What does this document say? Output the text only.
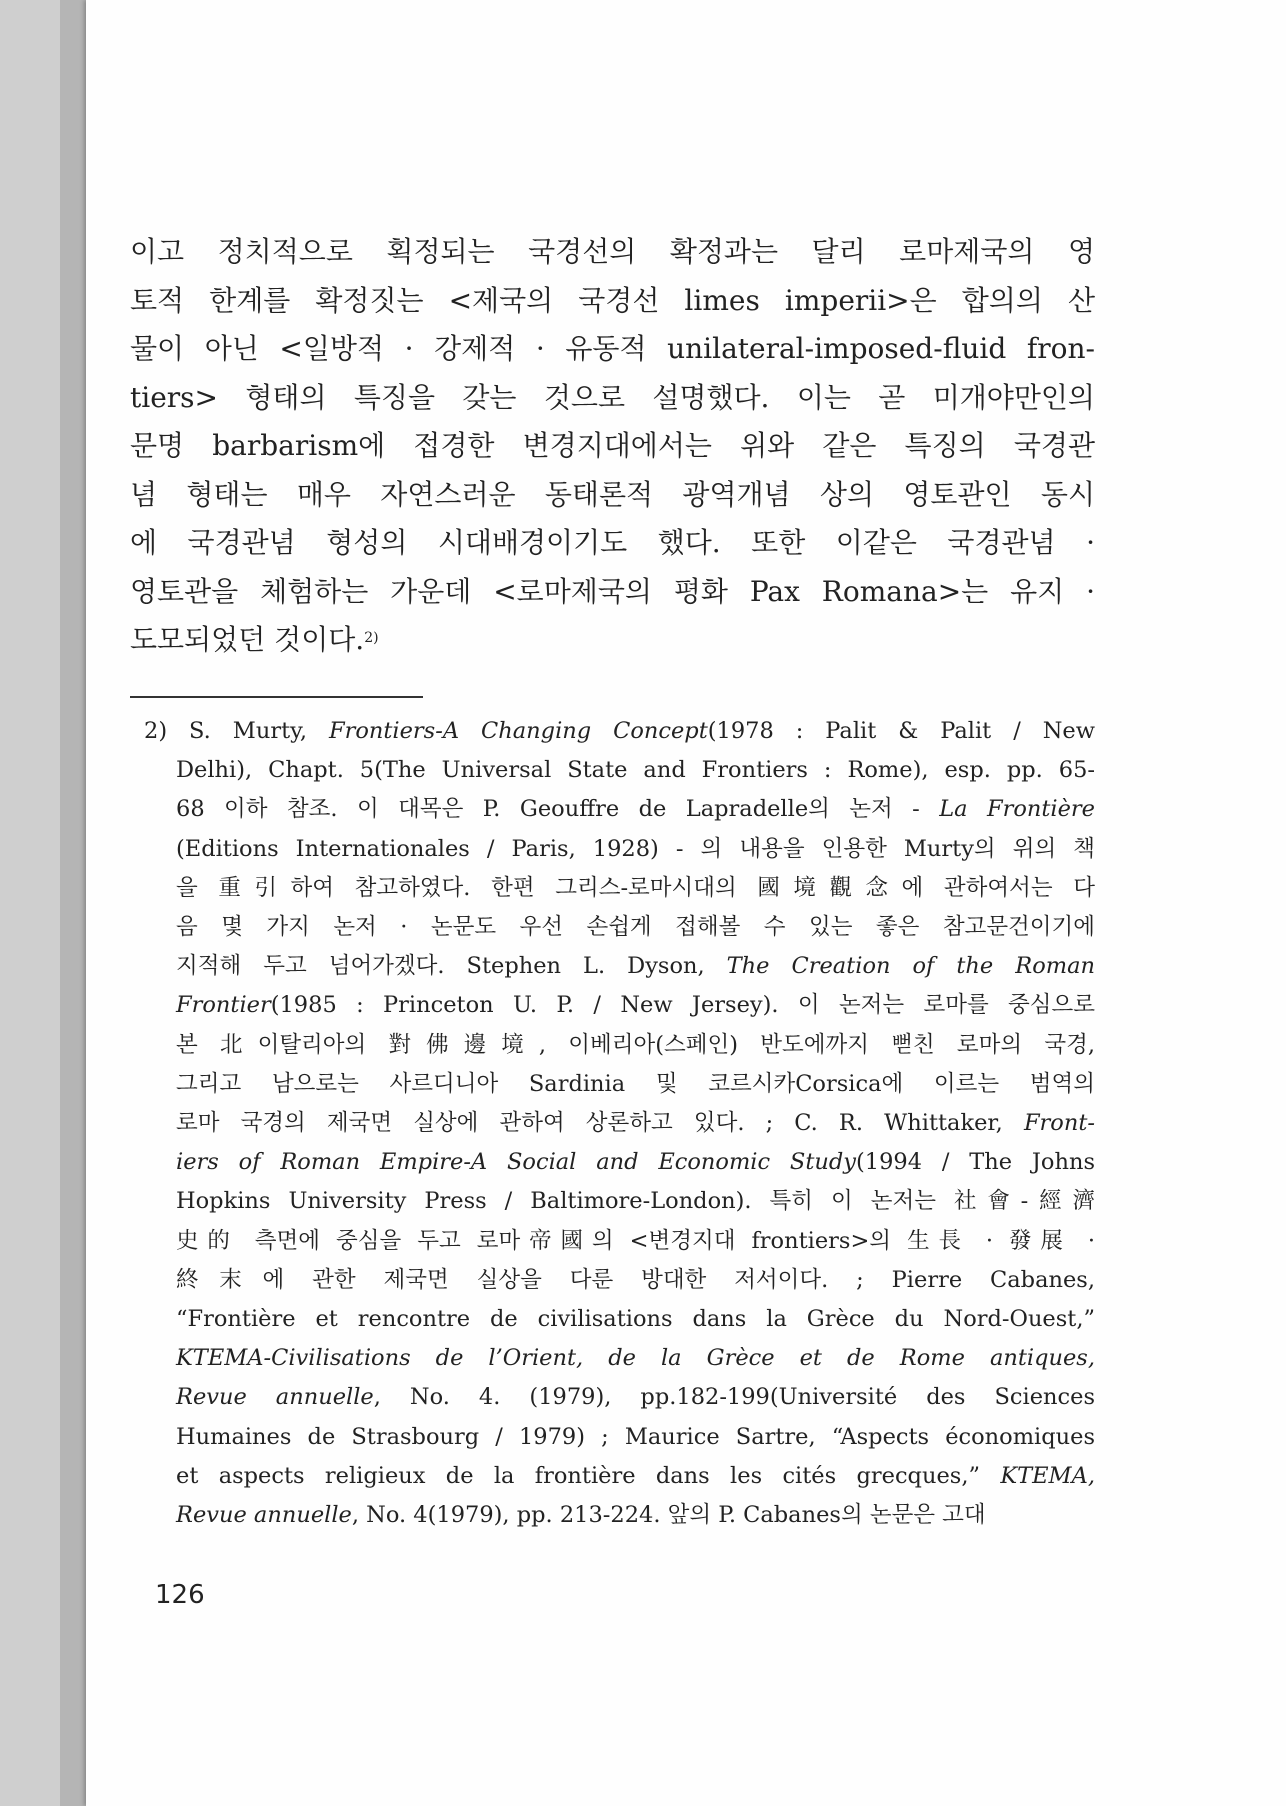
이고 정치적으로 획정되는 국경선의 확정과는 달리 로마제국의 영
토적 한계를 확정짓는 <제국의 국경선 limes imperii>은 합의의 산
물이 아닌 <일방적 · 강제적 · 유동적 unilateral-imposed-fluid fron-
tiers> 형태의 특징을 갖는 것으로 설명했다. 이는 곧 미개야만인의
문명 barbarism에 접경한 변경지대에서는 위와 같은 특징의 국경관
념 형태는 매우 자연스러운 동태론적 광역개념 상의 영토관인 동시
에 국경관념 형성의 시대배경이기도 했다. 또한 이같은 국경관념 ·
영토관을 체험하는 가운데 <로마제국의 평화 Pax Romana>는 유지 ·
도모되었던 것이다.$^{2)}$
2) S. Murty, Frontiers-A Changing Concept(1978 : Palit & Palit / New
Delhi), Chapt. 5(The Universal State and Frontiers : Rome), esp. pp. 65-
68 이하 참조. 이 대목은 P. Geouffre de Lapradelle의 논저 - La Frontière
(Editions Internationales / Paris, 1928) - 의 내용을 인용한 Murty의 위의 책
을 重引하여 참고하였다. 한편 그리스-로마시대의 國境觀念에 관하여서는 다
음 몇 가지 논저 · 논문도 우선 손쉽게 접해볼 수 있는 좋은 참고문건이기에
지적해 두고 넘어가겠다. Stephen L. Dyson, The Creation of the Roman
Frontier(1985 : Princeton U. P. / New Jersey). 이 논저는 로마를 중심으로
본 北이탈리아의 對佛邊境, 이베리아(스페인) 반도에까지 뻗친 로마의 국경,
그리고 남으로는 사르디니아 Sardinia 및 코르시카Corsica에 이르는 범역의
로마 국경의 제국면 실상에 관하여 상론하고 있다. ; C. R. Whittaker, Front-
iers of Roman Empire-A Social and Economic Study(1994 / The Johns
Hopkins University Press / Baltimore-London). 특히 이 논저는 社會-經濟
史的 측면에 중심을 두고 로마帝國의 <변경지대 frontiers>의 生長 · 發展 ·
終末에 관한 제국면 실상을 다룬 방대한 저서이다. ; Pierre Cabanes,
“Frontière et rencontre de civilisations dans la Grèce du Nord-Ouest,”
KTEMA-Civilisations de l’Orient, de la Grèce et de Rome antiques,
Revue annuelle, No. 4. (1979), pp.182-199(Université des Sciences
Humaines de Strasbourg / 1979) ; Maurice Sartre, “Aspects économiques
et aspects religieux de la frontière dans les cités grecques,” KTEMA,
Revue annuelle, No. 4(1979), pp. 213-224. 앞의 P. Cabanes의 논문은 고대
126
